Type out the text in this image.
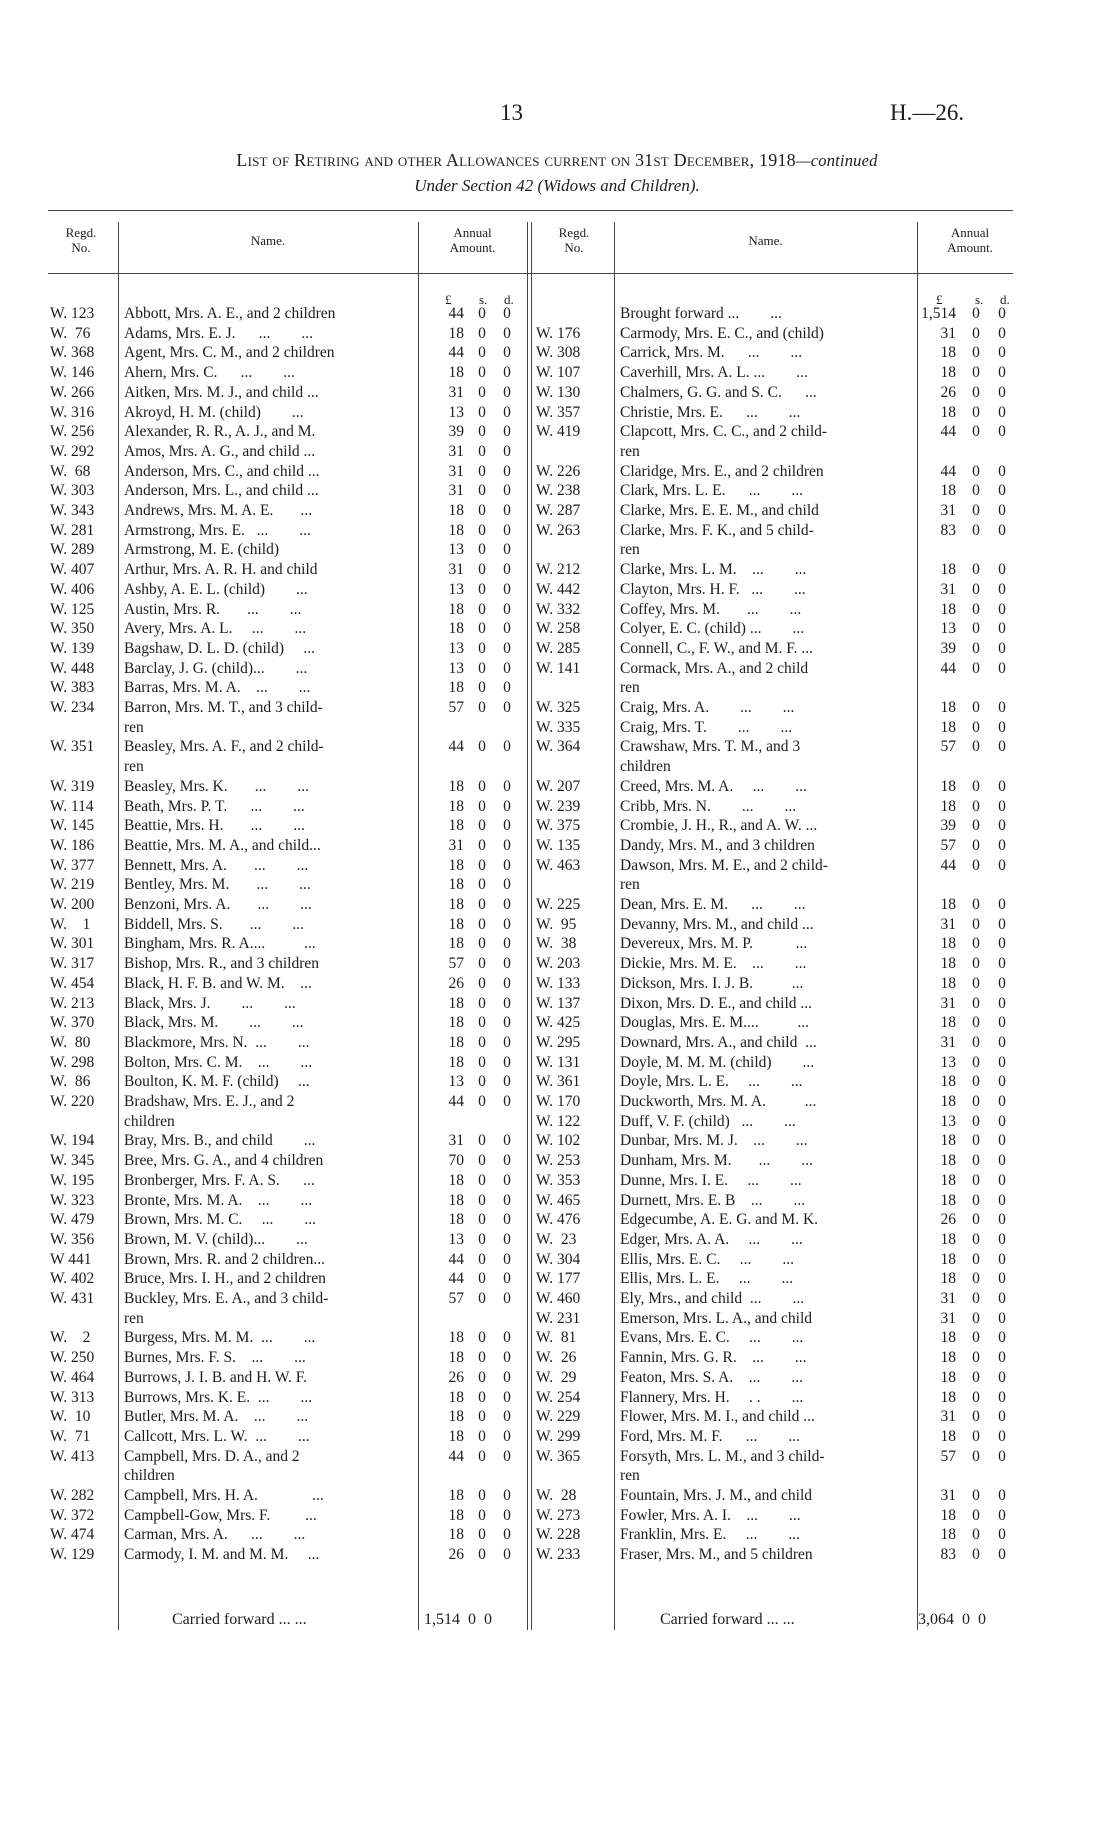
13	H.—26.
List of Retiring and other Allowances current on 31st December, 1918—continued
Under Section 42 (Widows and Children).
Regd.
No.	Name.
Annual
Amount.
Regd.
No.	Name.
Annual
Amount.
£ s. d.	£	s. d.
W. 123 Abbott, Mrs. A. E., and 2 children	44 0 0
W.  76 Adams, Mrs. E. J.      ...        ...	18 0 0
W. 368 Agent, Mrs. C. M., and 2 children	44 0 0
W. 146 Ahern, Mrs. C.      ...        ...	18 0 0
W. 266 Aitken, Mrs. M. J., and child ...	31 0 0
W. 316 Akroyd, H. M. (child)        ...	13 0 0
W. 256 Alexander, R. R., A. J., and M.	39 0 0
W. 292 Amos, Mrs. A. G., and child ...	31 0 0
W.  68 Anderson, Mrs. C., and child ...	31 0 0
W. 303 Anderson, Mrs. L., and child ...	31 0 0
W. 343 Andrews, Mrs. M. A. E.       ...	18 0 0
W. 281 Armstrong, Mrs. E.   ...        ...	18 0 0
W. 289 Armstrong, M. E. (child)	13 0 0
W. 407 Arthur, Mrs. A. R. H. and child	31 0 0
W. 406 Ashby, A. E. L. (child)        ...	13 0 0
W. 125 Austin, Mrs. R.       ...        ...	18 0 0
W. 350 Avery, Mrs. A. L.     ...        ...	18 0 0
W. 139 Bagshaw, D. L. D. (child)     ...	13 0 0
W. 448 Barclay, J. G. (child)...        ...	13 0 0
W. 383 Barras, Mrs. M. A.    ...        ...	18 0 0
W. 234 Barron, Mrs. M. T., and 3 child-	57 0 0
ren
W. 351 Beasley, Mrs. A. F., and 2 child-	44 0 0
ren
W. 319 Beasley, Mrs. K.       ...        ...	18 0 0
W. 114 Beath, Mrs. P. T.      ...        ...	18 0 0
W. 145 Beattie, Mrs. H.       ...        ...	18 0 0
W. 186 Beattie, Mrs. M. A., and child...	31 0 0
W. 377 Bennett, Mrs. A.       ...        ...	18 0 0
W. 219 Bentley, Mrs. M.       ...        ...	18 0 0
W. 200 Benzoni, Mrs. A.       ...        ...	18 0 0
W.    1 Biddell, Mrs. S.       ...        ...	18 0 0
W. 301 Bingham, Mrs. R. A....          ...	18 0 0
W. 317 Bishop, Mrs. R., and 3 children	57 0 0
W. 454 Black, H. F. B. and W. M.    ...	26 0 0
W. 213 Black, Mrs. J.        ...        ...	18 0 0
W. 370 Black, Mrs. M.        ...        ...	18 0 0
W.  80 Blackmore, Mrs. N.  ...        ...	18 0 0
W. 298 Bolton, Mrs. C. M.    ...        ...	18 0 0
W.  86 Boulton, K. M. F. (child)     ...	13 0 0
W. 220 Bradshaw, Mrs. E. J., and 2	44 0 0
children
W. 194 Bray, Mrs. B., and child        ...	31 0 0
W. 345 Bree, Mrs. G. A., and 4 children	70 0 0
W. 195 Bronberger, Mrs. F. A. S.      ...	18 0 0
W. 323 Bronte, Mrs. M. A.    ...        ...	18 0 0
W. 479 Brown, Mrs. M. C.     ...        ...	18 0 0
W. 356 Brown, M. V. (child)...        ...	13 0 0
W 441 Brown, Mrs. R. and 2 children...	44 0 0
W. 402 Bruce, Mrs. I. H., and 2 children	44 0 0
W. 431 Buckley, Mrs. E. A., and 3 child-	57 0 0
ren
W.    2 Burgess, Mrs. M. M.  ...        ...	18 0 0
W. 250 Burnes, Mrs. F. S.    ...        ...	18 0 0
W. 464 Burrows, J. I. B. and H. W. F.	26 0 0
W. 313 Burrows, Mrs. K. E.  ...        ...	18 0 0
W.  10 Butler, Mrs. M. A.    ...        ...	18 0 0
W.  71 Callcott, Mrs. L. W.  ...        ...	18 0 0
W. 413 Campbell, Mrs. D. A., and 2	44 0 0
children
W. 282 Campbell, Mrs. H. A.              ...	18 0 0
W. 372 Campbell-Gow, Mrs. F.         ...	18 0 0
W. 474 Carman, Mrs. A.      ...        ...	18 0 0
W. 129 Carmody, I. M. and M. M.     ...	26 0 0
Brought forward ...        ...	1,514 0 0
W. 176	Carmody, Mrs. E. C., and (child)	31 0 0
W. 308	Carrick, Mrs. M.      ...        ...	18 0 0
W. 107	Caverhill, Mrs. A. L. ...        ...	18 0 0
W. 130	Chalmers, G. G. and S. C.      ...	26 0 0
W. 357	Christie, Mrs. E.      ...        ...	18 0 0
W. 419	Clapcott, Mrs. C. C., and 2 child-	44 0 0
ren
W. 226	Claridge, Mrs. E., and 2 children	44 0 0
W. 238	Clark, Mrs. L. E.      ...        ...	18 0 0
W. 287	Clarke, Mrs. E. E. M., and child	31 0 0
W. 263	Clarke, Mrs. F. K., and 5 child-	83 0 0
ren
W. 212	Clarke, Mrs. L. M.    ...        ...	18 0 0
W. 442	Clayton, Mrs. H. F.   ...        ...	31 0 0
W. 332	Coffey, Mrs. M.       ...        ...	18 0 0
W. 258	Colyer, E. C. (child) ...        ...	13 0 0
W. 285	Connell, C., F. W., and M. F. ...	39 0 0
W. 141	Cormack, Mrs. A., and 2 child	44 0 0
ren
W. 325	Craig, Mrs. A.        ...        ...	18 0 0
W. 335	Craig, Mrs. T.        ...        ...	18 0 0
W. 364	Crawshaw, Mrs. T. M., and 3	57 0 0
children
W. 207	Creed, Mrs. M. A.     ...        ...	18 0 0
W. 239	Cribb, Mrs. N.        ...        ...	18 0 0
W. 375	Crombie, J. H., R., and A. W. ...	39 0 0
W. 135	Dandy, Mrs. M., and 3 children	57 0 0
W. 463	Dawson, Mrs. M. E., and 2 child-	44 0 0
ren
W. 225	Dean, Mrs. E. M.      ...        ...	18 0 0
W.  95	Devanny, Mrs. M., and child ...	31 0 0
W.  38	Devereux, Mrs. M. P.           ...	18 0 0
W. 203	Dickie, Mrs. M. E.    ...        ...	18 0 0
W. 133	Dickson, Mrs. I. J. B.          ...	18 0 0
W. 137	Dixon, Mrs. D. E., and child ...	31 0 0
W. 425	Douglas, Mrs. E. M....          ...	18 0 0
W. 295	Downard, Mrs. A., and child  ...	31 0 0
W. 131	Doyle, M. M. M. (child)        ...	13 0 0
W. 361	Doyle, Mrs. L. E.     ...        ...	18 0 0
W. 170	Duckworth, Mrs. M. A.          ...	18 0 0
W. 122	Duff, V. F. (child)   ...        ...	13 0 0
W. 102	Dunbar, Mrs. M. J.    ...        ...	18 0 0
W. 253	Dunham, Mrs. M.       ...        ...	18 0 0
W. 353	Dunne, Mrs. I. E.     ...        ...	18 0 0
W. 465	Durnett, Mrs. E. B    ...        ...	18 0 0
W. 476	Edgecumbe, A. E. G. and M. K.	26 0 0
W.  23	Edger, Mrs. A. A.     ...        ...	18 0 0
W. 304	Ellis, Mrs. E. C.     ...        ...	18 0 0
W. 177	Ellis, Mrs. L. E.     ...        ...	18 0 0
W. 460	Ely, Mrs., and child  ...        ...	31 0 0
W. 231	Emerson, Mrs. L. A., and child	31 0 0
W.  81	Evans, Mrs. E. C.     ...        ...	18 0 0
W.  26	Fannin, Mrs. G. R.    ...        ...	18 0 0
W.  29	Featon, Mrs. S. A.    ...        ...	18 0 0
W. 254	Flannery, Mrs. H.     . .        ...	18 0 0
W. 229	Flower, Mrs. M. I., and child ...	31 0 0
W. 299	Ford, Mrs. M. F.      ...        ...	18 0 0
W. 365	Forsyth, Mrs. L. M., and 3 child-	57 0 0
ren
W.  28	Fountain, Mrs. J. M., and child	31 0 0
W. 273	Fowler, Mrs. A. I.    ...        ...	18 0 0
W. 228	Franklin, Mrs. E.     ...        ...	18 0 0
W. 233	Fraser, Mrs. M., and 5 children	83 0 0
Carried forward ... ...	1,514  0  0	Carried forward ... ...	3,064  0  0
